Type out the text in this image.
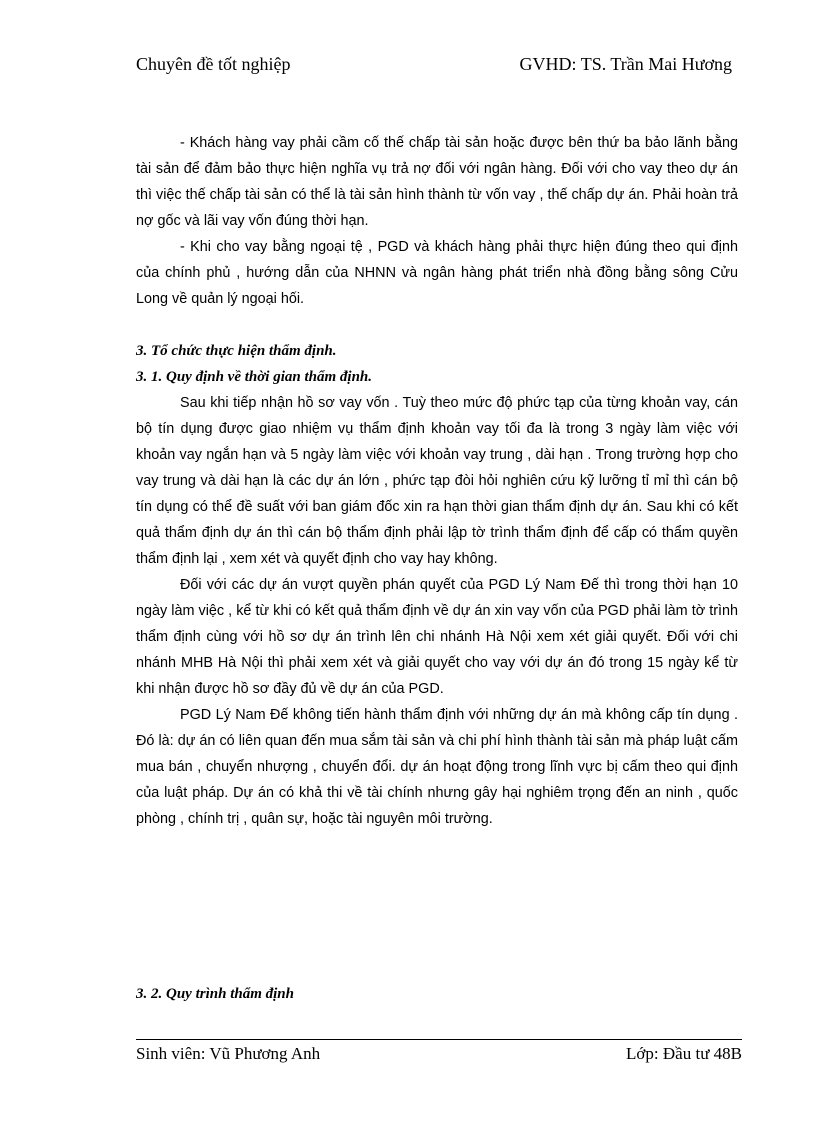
Chuyên đề tốt nghiệp	GVHD: TS. Trần Mai Hương

- Khách hàng vay phải cầm cố thế chấp tài sản hoặc được bên thứ ba bảo lãnh bằng tài sản để đảm bảo thực hiện nghĩa vụ trả nợ đối với ngân hàng. Đối với cho vay theo dự án thì việc thế chấp tài sản có thể là tài sản hình thành từ vốn vay , thế chấp dự án. Phải hoàn trả nợ gốc và lãi vay vốn đúng thời hạn.

- Khi cho vay bằng ngoại tệ , PGD và khách hàng phải thực hiện đúng theo qui định của chính phủ , hướng dẫn của NHNN và ngân hàng phát triển nhà đồng bằng sông Cửu Long về quản lý ngoại hối.

3. Tổ chức thực hiện thẩm định.

3. 1. Quy định về thời gian thẩm định.

Sau khi tiếp nhận hồ sơ vay vốn . Tuỳ theo mức độ phức tạp của từng khoản vay, cán bộ tín dụng được giao nhiệm vụ thẩm định khoản vay tối đa là trong 3 ngày làm việc với khoản vay ngắn hạn và 5 ngày làm việc với khoản vay trung , dài hạn . Trong trường hợp cho vay trung và dài hạn là các dự án lớn , phức tạp đòi hỏi nghiên cứu kỹ lưỡng tỉ mỉ thì cán bộ tín dụng có thể đề suất với ban giám đốc xin ra hạn thời gian thẩm định dự án. Sau khi có kết quả thẩm định dự án thì cán bộ thẩm định phải lập tờ trình thẩm định để cấp có thẩm quyền thẩm định lại , xem xét và quyết định cho vay hay không.

Đối với các dự án vượt quyền phán quyết của PGD Lý Nam Đế thì trong thời hạn 10 ngày làm việc , kể từ khi có kết quả thẩm định về dự án xin vay vốn của PGD phải làm tờ trình thẩm định cùng với hồ sơ dự án trình lên chi nhánh Hà Nội xem xét giải quyết. Đối với chi nhánh MHB Hà Nội thì phải xem xét và giải quyết cho vay với dự án đó trong 15 ngày kể từ khi nhận được hồ sơ đầy đủ về dự án của PGD.

PGD Lý Nam Đế không tiến hành thẩm định với những dự án mà không cấp tín dụng . Đó là: dự án có liên quan đến mua sắm tài sản và chi phí hình thành tài sản mà pháp luật cấm mua bán , chuyển nhượng , chuyển đổi. dự án hoạt động trong lĩnh vực bị cấm theo qui định của luật pháp. Dự án có khả thi về tài chính nhưng gây hại nghiêm trọng đến an ninh , quốc phòng , chính trị , quân sự, hoặc tài nguyên môi trường.

3. 2. Quy trình thẩm định
Sinh viên: Vũ Phương Anh	Lớp: Đầu tư 48B
